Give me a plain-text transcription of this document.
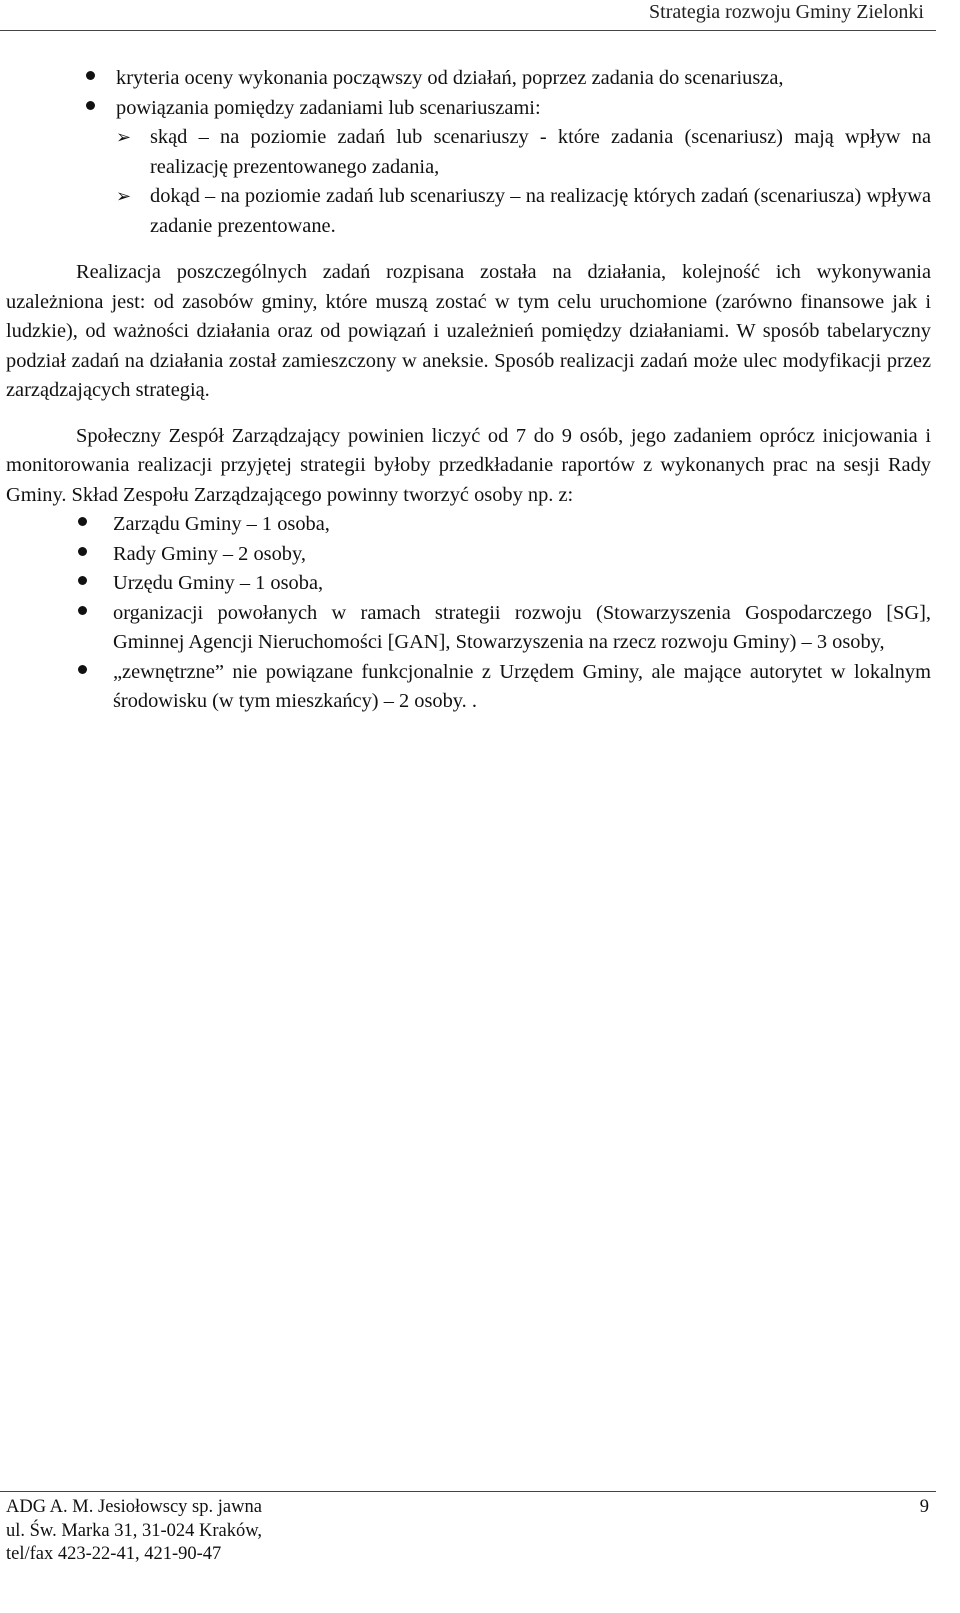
Strategia rozwoju Gminy Zielonki
kryteria oceny wykonania począwszy od działań, poprzez zadania do scenariusza,
powiązania pomiędzy zadaniami lub scenariuszami:
➢ skąd – na poziomie zadań lub scenariuszy - które zadania (scenariusz) mają wpływ na realizację prezentowanego zadania,
➢ dokąd – na poziomie zadań lub scenariuszy – na realizację których zadań (scenariusza) wpływa zadanie prezentowane.

Realizacja poszczególnych zadań rozpisana została na działania, kolejność ich wykonywania uzależniona jest: od zasobów gminy, które muszą zostać w tym celu uruchomione (zarówno finansowe jak i ludzkie), od ważności działania oraz od powiązań i uzależnień pomiędzy działaniami. W sposób tabelaryczny podział zadań na działania został zamieszczony w aneksie. Sposób realizacji zadań może ulec modyfikacji przez zarządzających strategią.

Społeczny Zespół Zarządzający powinien liczyć od 7 do 9 osób, jego zadaniem oprócz inicjowania i monitorowania realizacji przyjętej strategii byłoby przedkładanie raportów z wykonanych prac na sesji Rady Gminy. Skład Zespołu Zarządzającego powinny tworzyć osoby np. z:

Zarządu Gminy – 1 osoba,
Rady Gminy – 2 osoby,
Urzędu Gminy – 1 osoba,
organizacji powołanych w ramach strategii rozwoju (Stowarzyszenia Gospodarczego [SG], Gminnej Agencji Nieruchomości [GAN], Stowarzyszenia na rzecz rozwoju Gminy) – 3 osoby,
„zewnętrzne” nie powiązane funkcjonalnie z Urzędem Gminy, ale mające autorytet w lokalnym środowisku (w tym mieszkańcy) – 2 osoby. .
ADG A. M. Jesiołowscy sp. jawna
ul. Św. Marka 31, 31-024 Kraków,
tel/fax 423-22-41, 421-90-47
9
